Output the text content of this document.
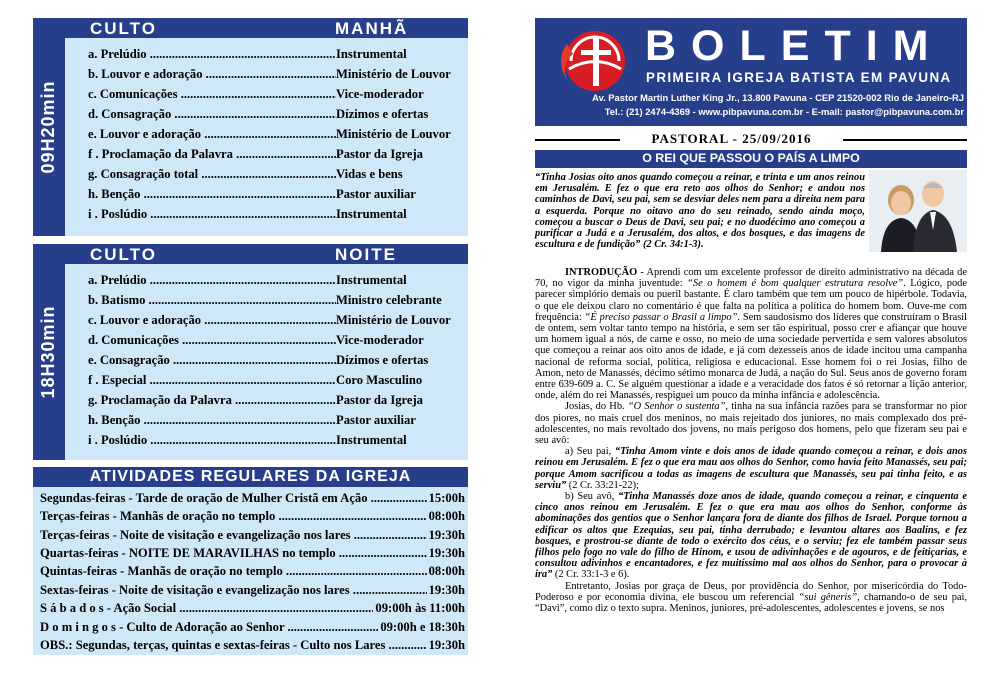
09H20min
CULTO	MANHÃ
a. Prelúdio .....	Instrumental
b. Louvor e adoração .....	Ministério de Louvor
c. Comunicações .....	Vice-moderador
d. Consagração .....	Dízimos e ofertas
e. Louvor e adoração .....	Ministério de Louvor
f . Proclamação da Palavra .....	Pastor da Igreja
g. Consagração total .....	Vidas e bens
h. Benção .....	Pastor auxiliar
i . Poslúdio .....	Instrumental
18H30min
CULTO	NOITE
a. Prelúdio .....	Instrumental
b. Batismo .....	Ministro celebrante
c. Louvor e adoração .....	Ministério de Louvor
d. Comunicações .....	Vice-moderador
e. Consagração .....	Dízimos e ofertas
f . Especial .....	Coro Masculino
g. Proclamação da Palavra .....	Pastor da Igreja
h. Benção .....	Pastor auxiliar
i . Poslúdio .....	Instrumental
ATIVIDADES REGULARES DA IGREJA
Segundas-feiras - Tarde de oração de Mulher Cristã em Ação .....	15:00h
Terças-feiras - Manhãs de oração no templo .....	08:00h
Terças-feiras - Noite de visitação e evangelização nos lares .....	19:30h
Quartas-feiras - NOITE DE MARAVILHAS no templo .....	19:30h
Quintas-feiras - Manhãs de oração no templo .....	08:00h
Sextas-feiras - Noite de visitação e evangelização nos lares .....	19:30h
S á b a d o s - Ação Social .....	09:00h às 11:00h
D o m i n g o s - Culto de Adoração ao Senhor .....	09:00h e 18:30h
OBS.: Segundas, terças, quintas e sextas-feiras - Culto nos Lares .....	19:30h
BOLETIM
PRIMEIRA IGREJA BATISTA EM PAVUNA
Av. Pastor Martin Luther King Jr., 13.800 Pavuna - CEP 21520-002 Rio de Janeiro-RJ
Tel.: (21) 2474-4369 - www.pibpavuna.com.br - E-mail: pastor@pibpavuna.com.br
PASTORAL - 25/09/2016
O REI QUE PASSOU O PAÍS A LIMPO
“Tinha Josias oito anos quando começou a reinar, e trinta e um anos reinou em Jerusalém. E fez o que era reto aos olhos do Senhor; e andou nos caminhos de Davi, seu pai, sem se desviar deles nem para a direita nem para a esquerda. Porque no oitavo ano do seu reinado, sendo ainda moço, começou a buscar o Deus de Davi, seu pai; e no duodécimo ano começou a purificar a Judá e a Jerusalém, dos altos, e dos bosques, e das imagens de escultura e de fundição” (2 Cr. 34:1-3).

INTRODUÇÃO - Aprendi com um excelente professor de direito administrativo na década de 70, no vigor da minha juventude: “Se o homem é bom qualquer estrutura resolve”. Lógico, pode parecer simplório demais ou pueril bastante. É claro também que tem um pouco de hipérbole. Todavia, o que ele deixou claro no comentário é que falta na política a política do homem bom. Ouve-me com frequência: “É preciso passar o Brasil a limpo”. Sem saudosismo dos líderes que construíram o Brasil de ontem, sem voltar tanto tempo na história, e sem ser tão espiritual, posso crer e afiançar que houve um homem igual a nós, de carne e osso, no meio de uma sociedade pervertida e sem valores absolutos que começou a reinar aos oito anos de idade, e já com dezesseis anos de idade incitou uma campanha nacional de reforma social, política, religiosa e educacional. Esse homem foi o rei Josias, filho de Amon, neto de Manassés, décimo sétimo monarca de Judá, a nação do Sul. Seus anos de governo foram entre 639-609 a. C. Se alguém questionar a idade e a veracidade dos fatos é só retornar a lição anterior, onde, além do rei Manassés, respiguei um pouco da minha infância e adolescência.

Josias, do Hb. “O Senhor o sustenta”, tinha na sua infância razões para se transformar no pior dos piores, no mais cruel dos meninos, no mais rejeitado dos juniores, no mais complexado dos pré-adolescentes, no mais revoltado dos jovens, no mais perigoso dos homens, pelo que fizeram seu pai e seu avô:

a) Seu pai, “Tinha Amom vinte e dois anos de idade quando começou a reinar, e dois anos reinou em Jerusalém. E fez o que era mau aos olhos do Senhor, como havia feito Manassés, seu pai; porque Amom sacrificou a todas as imagens de escultura que Manassés, seu pai tinha feito, e as serviu” (2 Cr. 33:21-22);

b) Seu avô, “Tinha Manassés doze anos de idade, quando começou a reinar, e cinquenta e cinco anos reinou em Jerusalém. E fez o que era mau aos olhos do Senhor, conforme às abominações dos gentios que o Senhor lançara fora de diante dos filhos de Israel. Porque tornou a edificar os altos que Ezequias, seu pai, tinha derrubado; e levantou altares aos Baalins, e fez bosques, e prostrou-se diante de todo o exército dos céus, e o serviu; fez ele também passar seus filhos pelo fogo no vale do filho de Hinom, e usou de adivinhações e de agouros, e de feitiçarias, e consultou adivinhos e encantadores, e fez muitíssimo mal aos olhos do Senhor, para o provocar à ira” (2 Cr. 33:1-3 e 6).

Entretanto, Josias por graça de Deus, por providência do Senhor, por misericórdia do Todo-Poderoso e por economia divina, ele buscou um referencial “sui gêneris”, chamando-o de seu pai, “Davi”, como diz o texto supra. Meninos, juniores, pré-adolescentes, adolescentes e jovens, se nos
